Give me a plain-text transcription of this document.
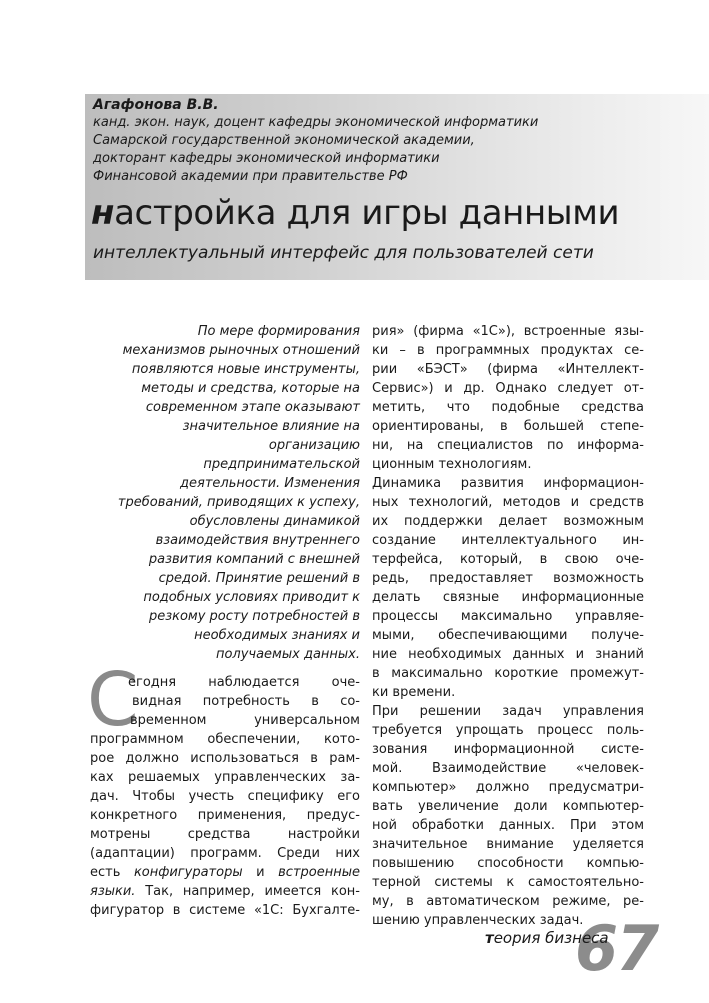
Агафонова В.В.
канд. экон. наук, доцент кафедры экономической информатики
Самарской государственной экономической академии,
докторант кафедры экономической информатики
Финансовой академии при правительстве РФ
настройка для игры данными
интеллектуальный интерфейс для пользователей сети
По мере формирования
механизмов рыночных отношений
появляются новые инструменты,
методы и средства, которые на
современном этапе оказывают
значительное влияние на
организацию
предпринимательской
деятельности. Изменения
требований, приводящих к успеху,
обусловлены динамикой
взаимодействия внутреннего
развития компаний с внешней
средой. Принятие решений в
подобных условиях приводит к
резкому росту потребностей в
необходимых знаниях и
получаемых данных.
С
егодня наблюдается оче-
видная потребность в со-
временном универсальном
программном обеспечении, кото-
рое должно использоваться в рам-
ках решаемых управленческих за-
дач. Чтобы учесть специфику его
конкретного применения, предус-
мотрены средства настройки
(адаптации) программ. Среди них
есть конфигураторы и встроенные
языки. Так, например, имеется кон-
фигуратор в системе «1С: Бухгалте-
рия» (фирма «1С»), встроенные язы-
ки – в программных продуктах се-
рии «БЭСТ» (фирма «Интеллект-
Сервис») и др. Однако следует от-
метить, что подобные средства
ориентированы, в большей степе-
ни, на специалистов по информа-
ционным технологиям.
Динамика развития информацион-
ных технологий, методов и средств
их поддержки делает возможным
создание интеллектуального ин-
терфейса, который, в свою оче-
редь, предоставляет возможность
делать связные информационные
процессы максимально управляе-
мыми, обеспечивающими получе-
ние необходимых данных и знаний
в максимально короткие промежут-
ки времени.
При решении задач управления
требуется упрощать процесс поль-
зования информационной систе-
мой. Взаимодействие «человек-
компьютер» должно предусматри-
вать увеличение доли компьютер-
ной обработки данных. При этом
значительное внимание уделяется
повышению способности компью-
терной системы к самостоятельно-
му, в автоматическом режиме, ре-
шению управленческих задач.
67
теория бизнеса
